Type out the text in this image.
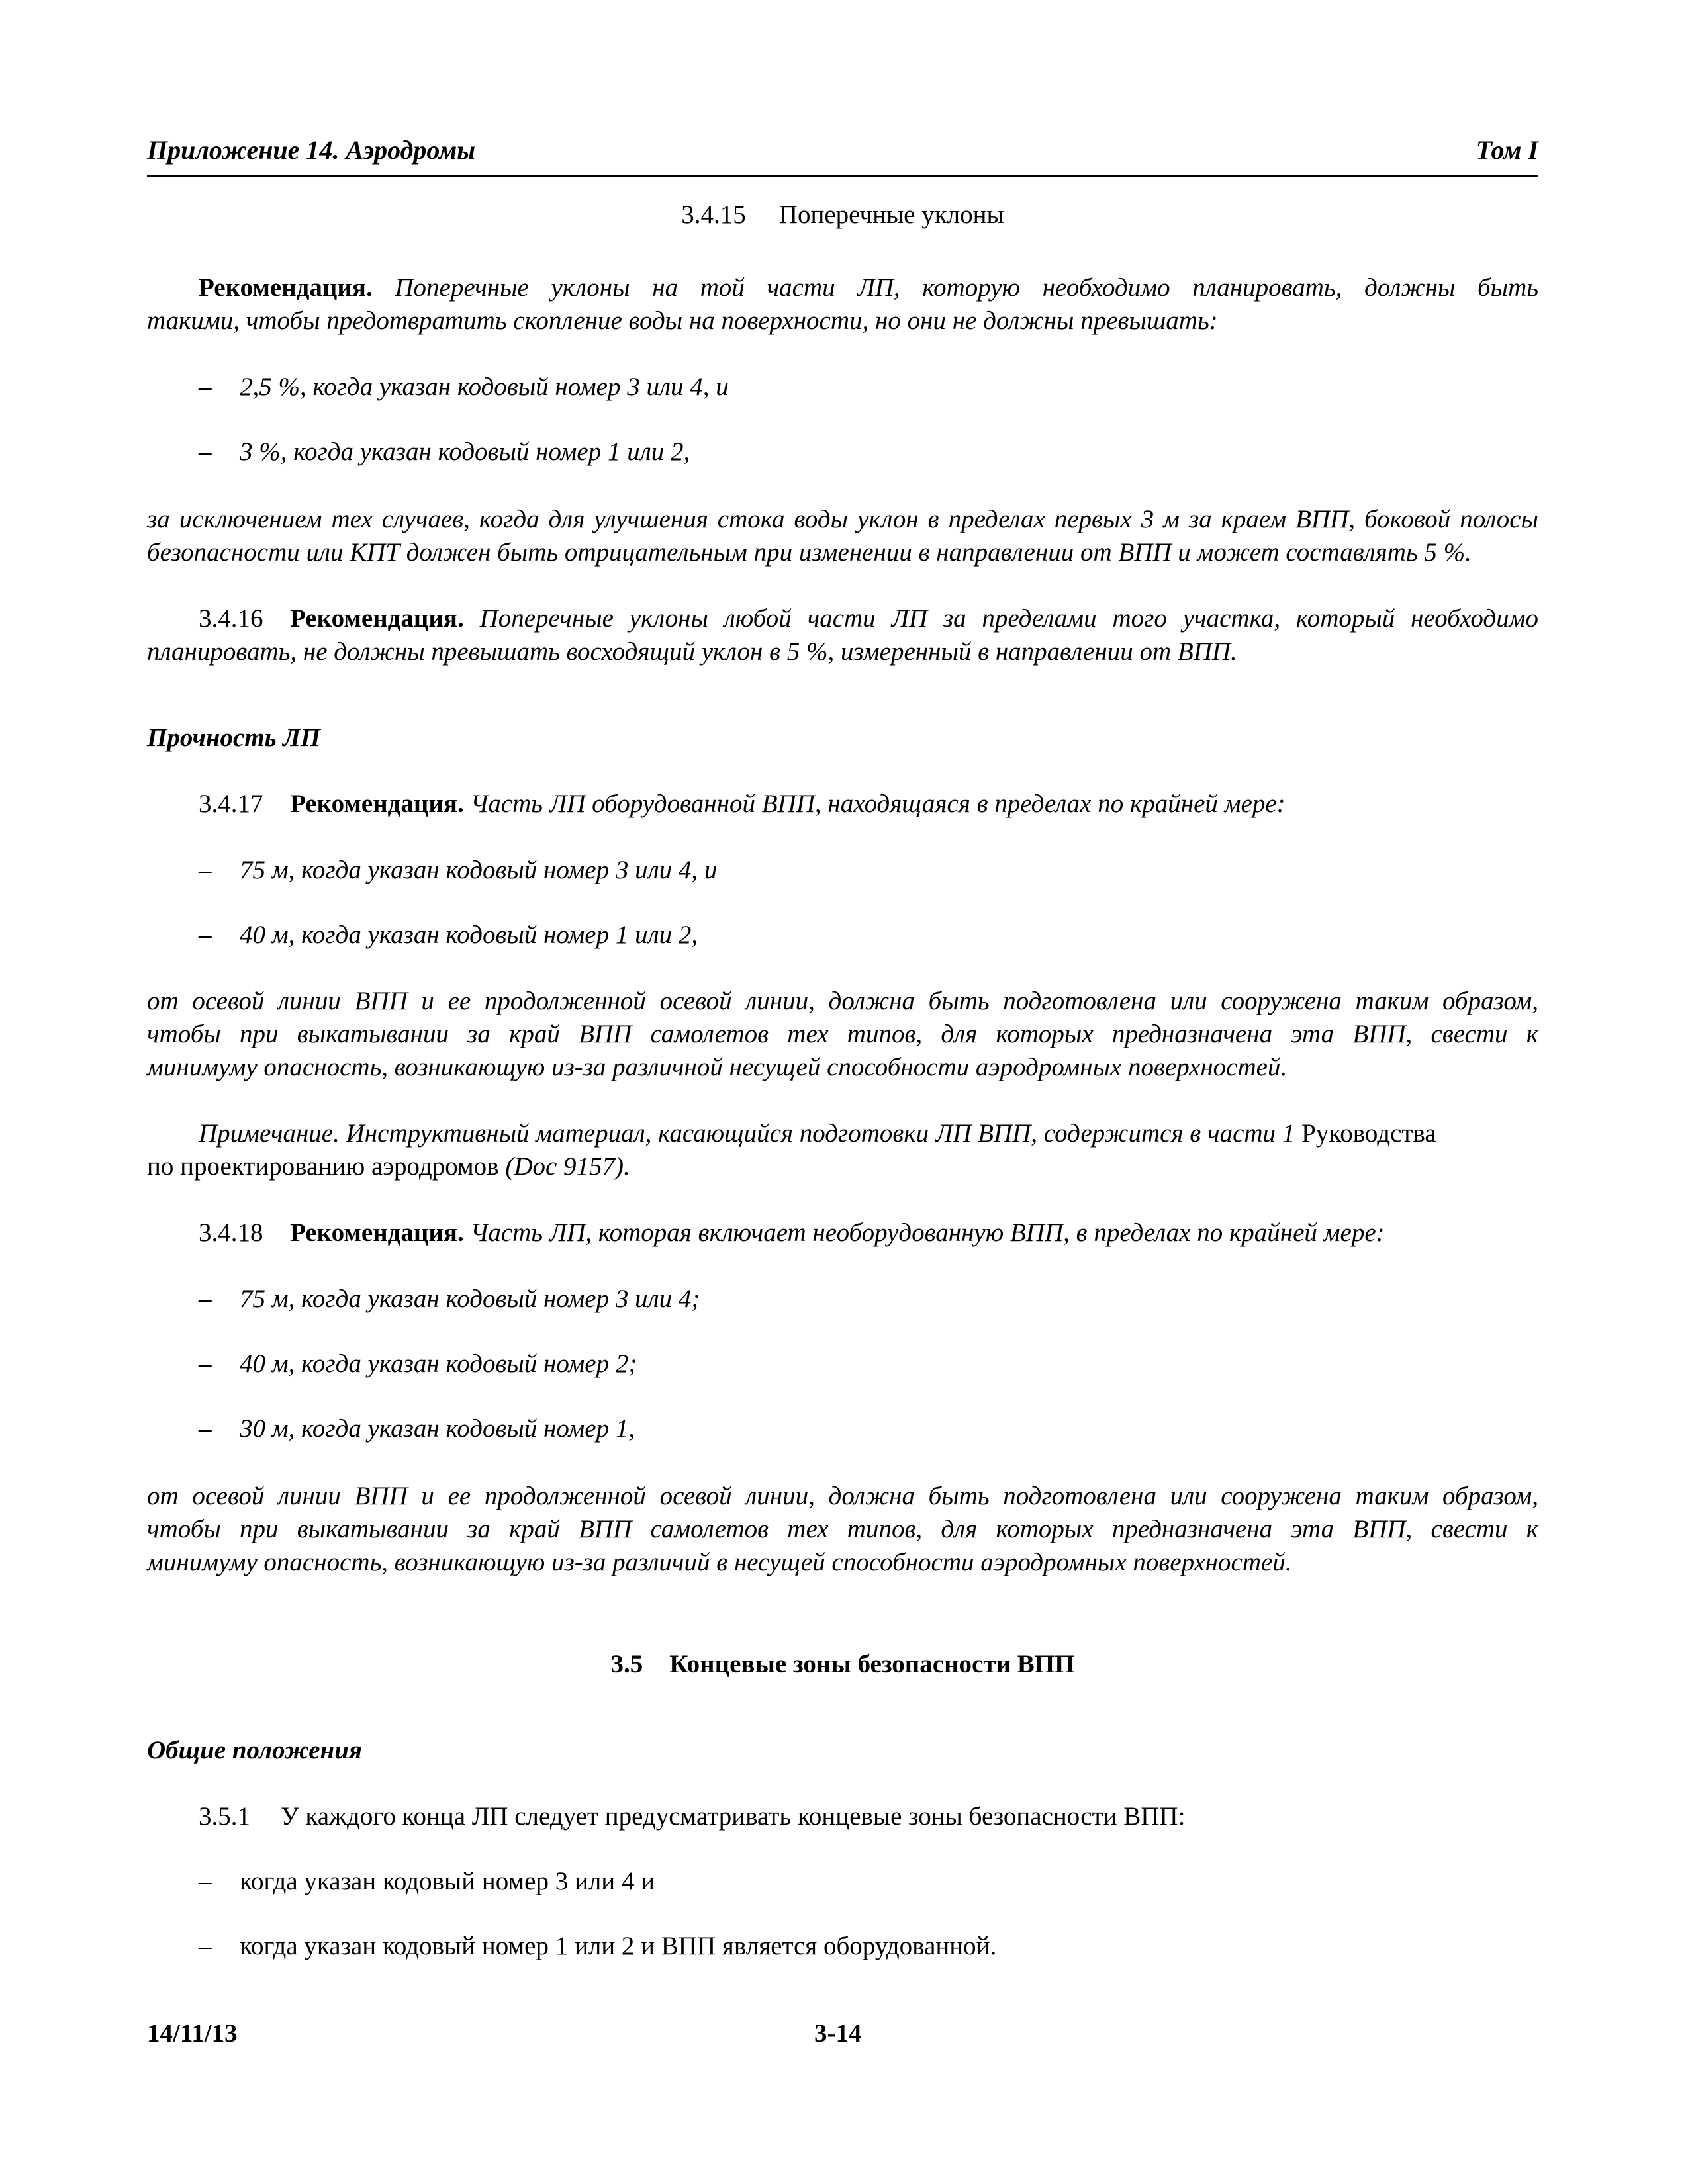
Приложение 14. Аэродромы	Том I
3.4.15 Поперечные уклоны
Рекомендация. Поперечные уклоны на той части ЛП, которую необходимо планировать, должны быть
такими, чтобы предотвратить скопление воды на поверхности, но они не должны превышать:
– 2,5 %, когда указан кодовый номер 3 или 4, и
– 3 %, когда указан кодовый номер 1 или 2,
за исключением тех случаев, когда для улучшения стока воды уклон в пределах первых 3 м за краем ВПП, боковой полосы
безопасности или КПТ должен быть отрицательным при изменении в направлении от ВПП и может составлять 5 %.
3.4.16 Рекомендация. Поперечные уклоны любой части ЛП за пределами того участка, который необходимо
планировать, не должны превышать восходящий уклон в 5 %, измеренный в направлении от ВПП.
Прочность ЛП
3.4.17 Рекомендация. Часть ЛП оборудованной ВПП, находящаяся в пределах по крайней мере:
– 75 м, когда указан кодовый номер 3 или 4, и
– 40 м, когда указан кодовый номер 1 или 2,
от осевой линии ВПП и ее продолженной осевой линии, должна быть подготовлена или сооружена таким образом,
чтобы при выкатывании за край ВПП самолетов тех типов, для которых предназначена эта ВПП, свести к
минимуму опасность, возникающую из-за различной несущей способности аэродромных поверхностей.
Примечание. Инструктивный материал, касающийся подготовки ЛП ВПП, содержится в части 1 Руководства
по проектированию аэродромов (Doc 9157).
3.4.18 Рекомендация. Часть ЛП, которая включает необорудованную ВПП, в пределах по крайней мере:
– 75 м, когда указан кодовый номер 3 или 4;
– 40 м, когда указан кодовый номер 2;
– 30 м, когда указан кодовый номер 1,
от осевой линии ВПП и ее продолженной осевой линии, должна быть подготовлена или сооружена таким образом,
чтобы при выкатывании за край ВПП самолетов тех типов, для которых предназначена эта ВПП, свести к
минимуму опасность, возникающую из-за различий в несущей способности аэродромных поверхностей.
3.5 Концевые зоны безопасности ВПП
Общие положения
3.5.1 У каждого конца ЛП следует предусматривать концевые зоны безопасности ВПП:
– когда указан кодовый номер 3 или 4 и
– когда указан кодовый номер 1 или 2 и ВПП является оборудованной.
14/11/13	3-14
